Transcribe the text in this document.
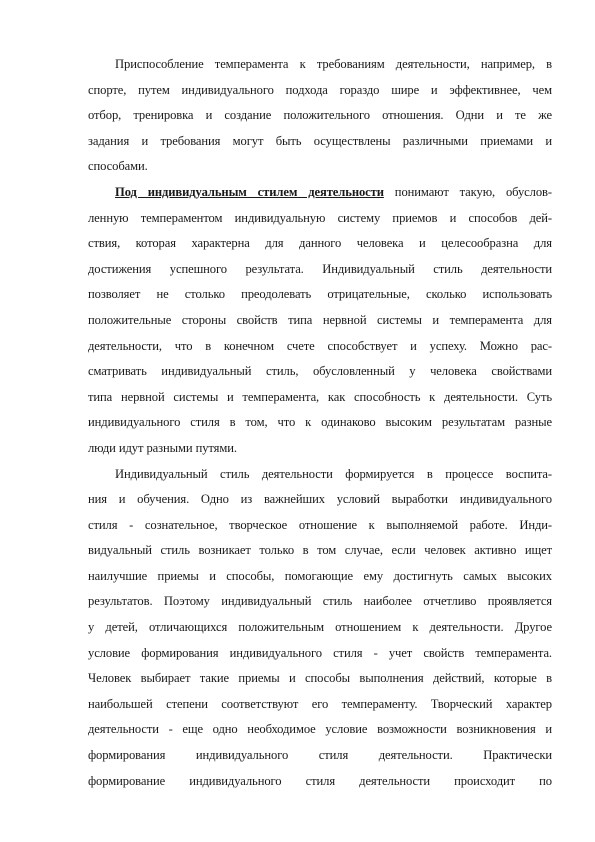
Приспособление темперамента к требованиям деятельности, например, в
спорте, путем индивидуального подхода гораздо шире и эффективнее, чем
отбор, тренировка и создание положительного отношения. Одни и те же
задания и требования могут быть осуществлены различными приемами и
способами.
Под индивидуальным стилем деятельности понимают такую, обуслов-
ленную темпераментом индивидуальную систему приемов и способов дей-
ствия, которая характерна для данного человека и целесообразна для
достижения успешного результата. Индивидуальный стиль деятельности
позволяет не столько преодолевать отрицательные, сколько использовать
положительные стороны свойств типа нервной системы и темперамента для
деятельности, что в конечном счете способствует и успеху. Можно рас-
сматривать индивидуальный стиль, обусловленный у человека свойствами
типа нервной системы и темперамента, как способность к деятельности. Суть
индивидуального стиля в том, что к одинаково высоким результатам разные
люди идут разными путями.
Индивидуальный стиль деятельности формируется в процессе воспита-
ния и обучения. Одно из важнейших условий выработки индивидуального
стиля - сознательное, творческое отношение к выполняемой работе. Инди-
видуальный стиль возникает только в том случае, если человек активно ищет
наилучшие приемы и способы, помогающие ему достигнуть самых высоких
результатов. Поэтому индивидуальный стиль наиболее отчетливо проявляется
у детей, отличающихся положительным отношением к деятельности. Другое
условие формирования индивидуального стиля - учет свойств темперамента.
Человек выбирает такие приемы и способы выполнения действий, которые в
наибольшей степени соответствуют его темпераменту. Творческий характер
деятельности - еще одно необходимое условие возможности возникновения и
формирования индивидуального стиля деятельности. Практически
формирование индивидуального стиля деятельности происходит по
